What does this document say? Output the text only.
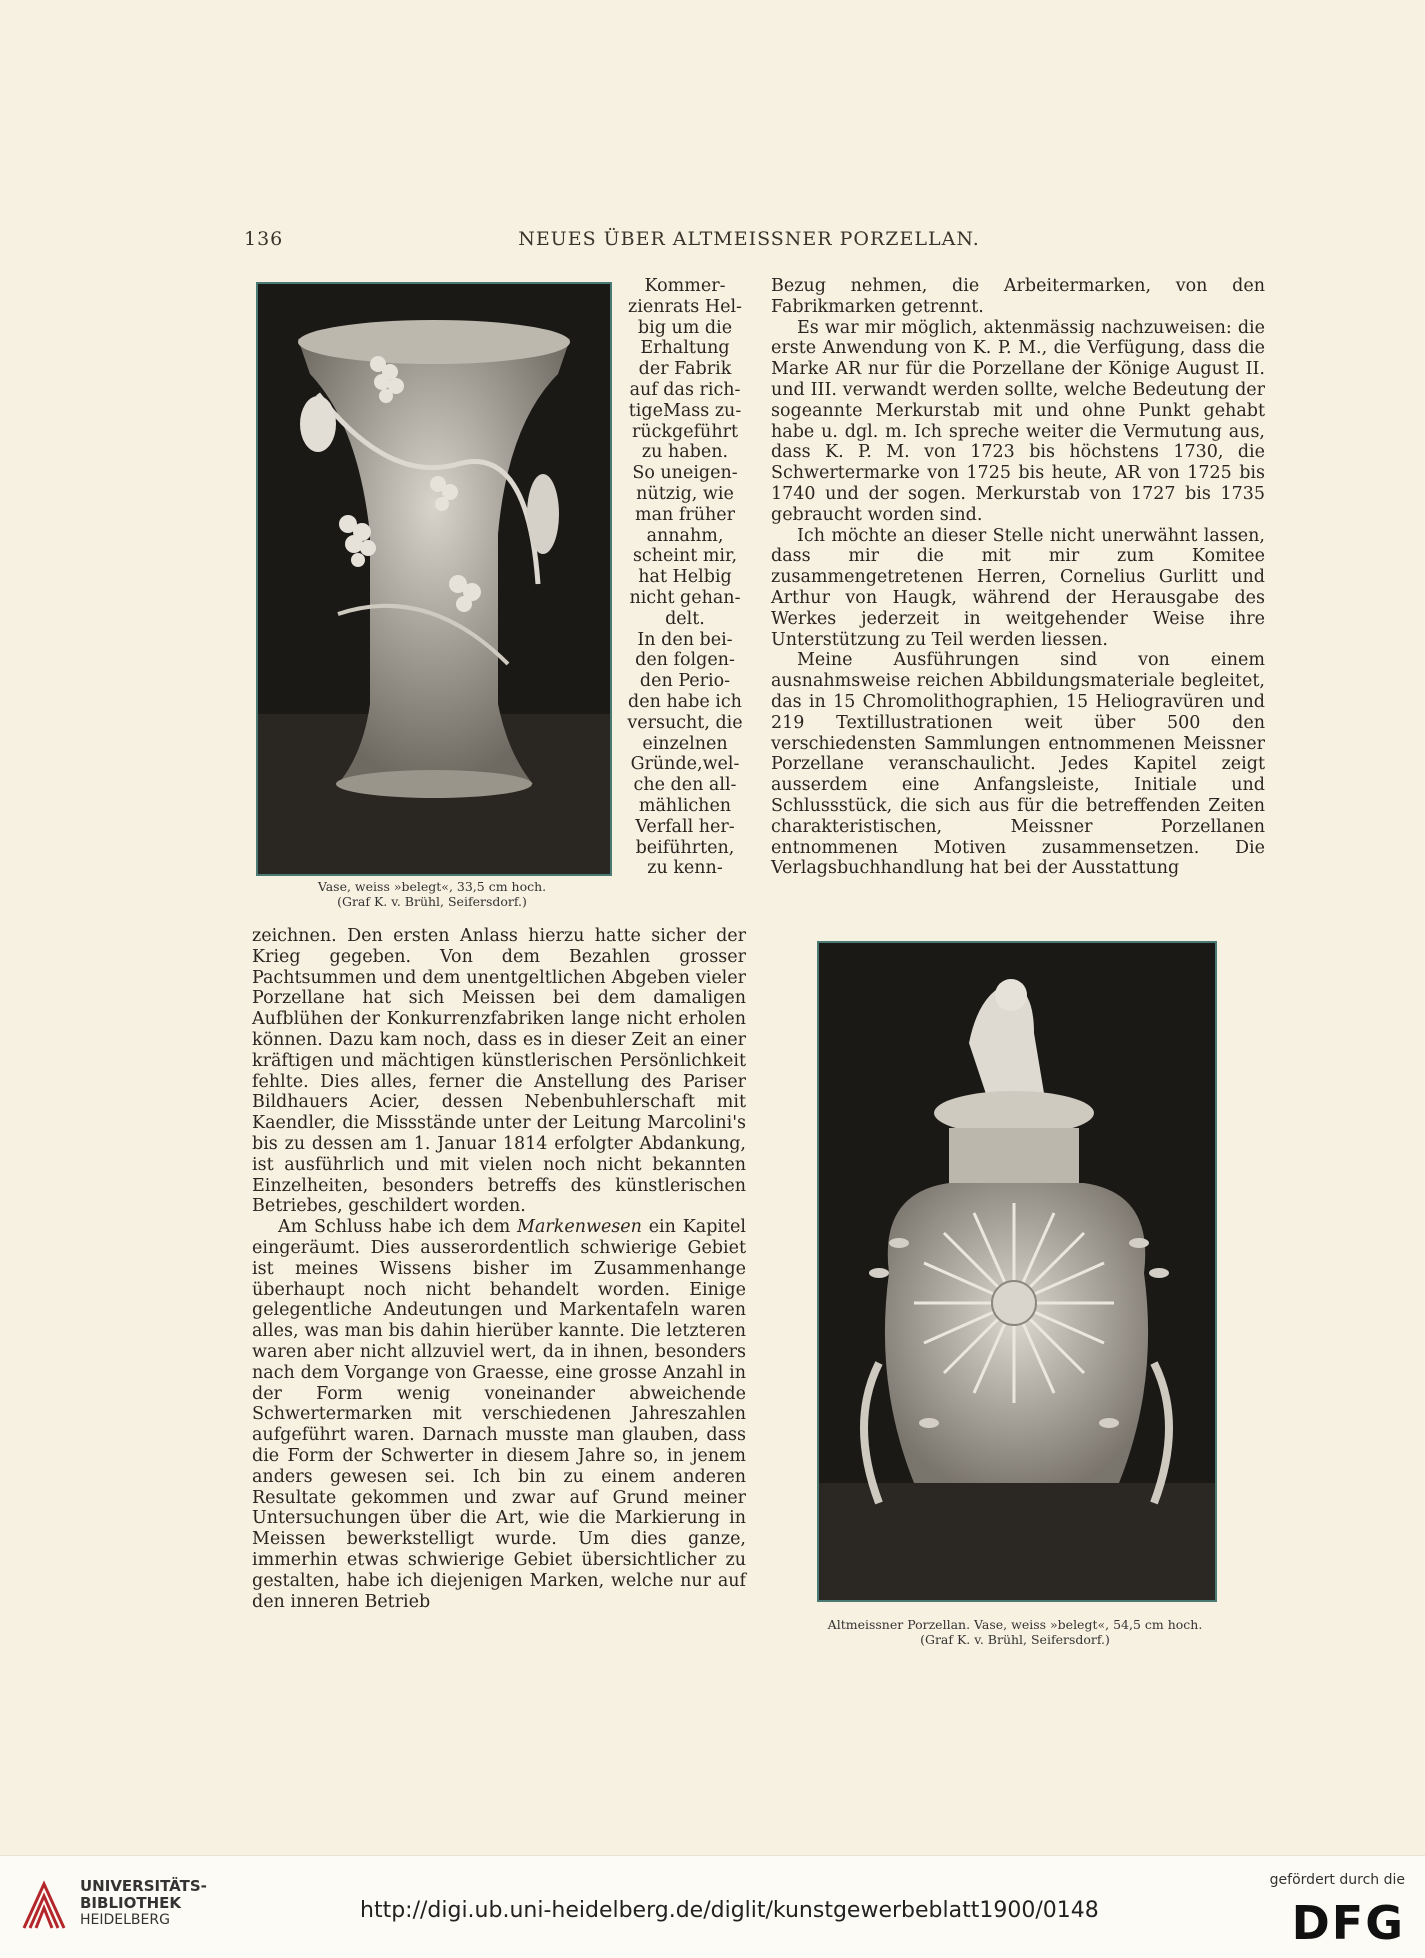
136	NEUES ÜBER ALTMEISSNER PORZELLAN.
Vase, weiss »belegt«, 33,5 cm hoch.
(Graf K. v. Brühl, Seifersdorf.)
Kommer-
zienrats Hel-
big um die
Erhaltung
der Fabrik
auf das rich-
tigeMass zu-
rückgeführt
zu haben.
So uneigen-
nützig, wie
man früher
annahm,
scheint mir,
hat Helbig
nicht gehan-
delt.
In den bei-
den folgen-
den Perio-
den habe ich
versucht, die
einzelnen
Gründe,wel-
che den all-
mählichen
Verfall her-
beiführten,
zu kenn-

zeichnen. Den ersten Anlass hierzu hatte sicher der Krieg gegeben. Von dem Bezahlen grosser Pachtsummen und dem unentgeltlichen Abgeben vieler Porzellane hat sich Meissen bei dem damaligen Aufblühen der Konkurrenzfabriken lange nicht erholen können. Dazu kam noch, dass es in dieser Zeit an einer kräftigen und mächtigen künstlerischen Persönlichkeit fehlte. Dies alles, ferner die Anstellung des Pariser Bildhauers Acier, dessen Nebenbuhlerschaft mit Kaendler, die Missstände unter der Leitung Marcolini's bis zu dessen am 1. Januar 1814 erfolgter Abdankung, ist ausführlich und mit vielen noch nicht bekannten Einzelheiten, besonders betreffs des künstlerischen Betriebes, geschildert worden.

Am Schluss habe ich dem Markenwesen ein Kapitel eingeräumt. Dies ausserordentlich schwierige Gebiet ist meines Wissens bisher im Zusammenhange überhaupt noch nicht behandelt worden. Einige gelegentliche Andeutungen und Markentafeln waren alles, was man bis dahin hierüber kannte. Die letzteren waren aber nicht allzuviel wert, da in ihnen, besonders nach dem Vorgange von Graesse, eine grosse Anzahl in der Form wenig voneinander abweichende Schwertermarken mit verschiedenen Jahreszahlen aufgeführt waren. Darnach musste man glauben, dass die Form der Schwerter in diesem Jahre so, in jenem anders gewesen sei. Ich bin zu einem anderen Resultate gekommen und zwar auf Grund meiner Untersuchungen über die Art, wie die Markierung in Meissen bewerkstelligt wurde. Um dies ganze, immerhin etwas schwierige Gebiet übersichtlicher zu gestalten, habe ich diejenigen Marken, welche nur auf den inneren Betrieb

Bezug nehmen, die Arbeitermarken, von den Fabrikmarken getrennt.

Es war mir möglich, aktenmässig nachzuweisen: die erste Anwendung von K. P. M., die Verfügung, dass die Marke AR nur für die Porzellane der Könige August II. und III. verwandt werden sollte, welche Bedeutung der sogeannte Merkurstab mit und ohne Punkt gehabt habe u. dgl. m. Ich spreche weiter die Vermutung aus, dass K. P. M. von 1723 bis höchstens 1730, die Schwertermarke von 1725 bis heute, AR von 1725 bis 1740 und der sogen. Merkurstab von 1727 bis 1735 gebraucht worden sind.

Ich möchte an dieser Stelle nicht unerwähnt lassen, dass mir die mit mir zum Komitee zusammengetretenen Herren, Cornelius Gurlitt und Arthur von Haugk, während der Herausgabe des Werkes jederzeit in weitgehender Weise ihre Unterstützung zu Teil werden liessen.

Meine Ausführungen sind von einem ausnahmsweise reichen Abbildungsmateriale begleitet, das in 15 Chromolithographien, 15 Heliogravüren und 219 Textillustrationen weit über 500 den verschiedensten Sammlungen entnommenen Meissner Porzellane veranschaulicht. Jedes Kapitel zeigt ausserdem eine Anfangsleiste, Initiale und Schlussstück, die sich aus für die betreffenden Zeiten charakteristischen, Meissner Porzellanen entnommenen Motiven zusammensetzen. Die Verlagsbuchhandlung hat bei der Ausstattung

Altmeissner Porzellan. Vase, weiss »belegt«, 54,5 cm hoch.
(Graf K. v. Brühl, Seifersdorf.)
UNIVERSITÄTS-
BIBLIOTHEK
HEIDELBERG	http://digi.ub.uni-heidelberg.de/diglit/kunstgewerbeblatt1900/0148
gefördert durch die
DFG
